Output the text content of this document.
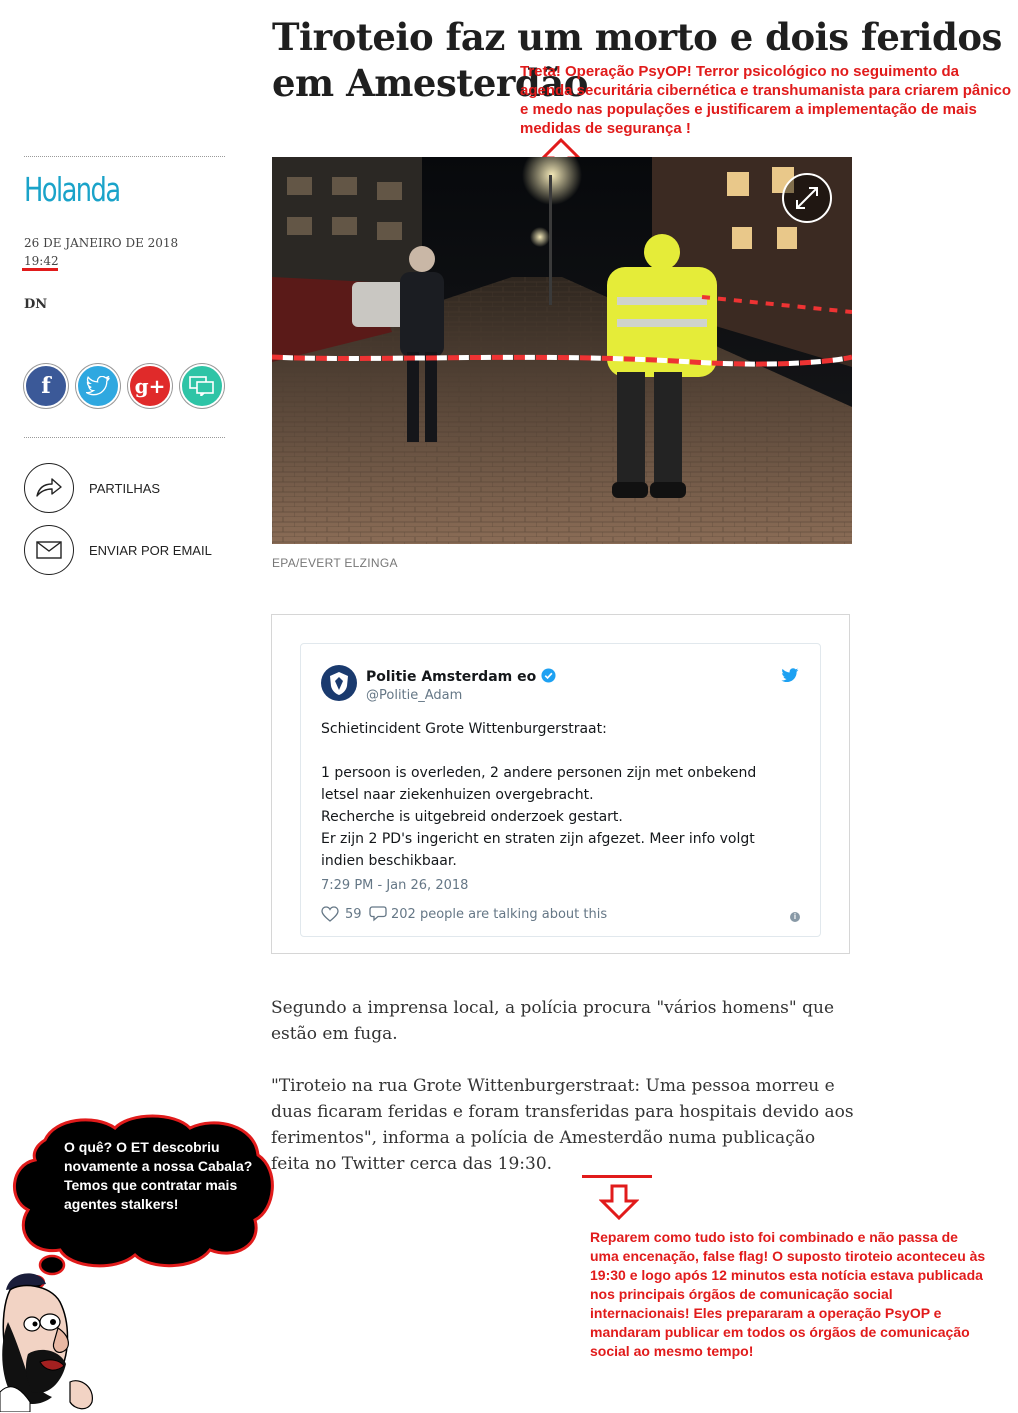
Tiroteio faz um morto e dois feridos em Amesterdão
Treta! Operação PsyOP! Terror psicológico no seguimento da agenda securitária cibernética e transhumanista para criarem pânico e medo nas populações e justificarem a implementação de mais medidas de segurança !
Holanda
26 DE JANEIRO DE 2018
19:42
DN
f	g+
PARTILHAS
ENVIAR POR EMAIL
EPA/EVERT ELZINGA
Politie Amsterdam eo
@Politie_Adam
Schietincident Grote Wittenburgerstraat:
1 persoon is overleden, 2 andere personen zijn met onbekend letsel naar ziekenhuizen overgebracht.
Recherche is uitgebreid onderzoek gestart.
Er zijn 2 PD's ingericht en straten zijn afgezet. Meer info volgt indien beschikbaar.
7:29 PM - Jan 26, 2018
59 202 people are talking about this	i
Segundo a imprensa local, a polícia procura "vários homens" que estão em fuga.
"Tiroteio na rua Grote Wittenburgerstraat: Uma pessoa morreu e duas ficaram feridas e foram transferidas para hospitais devido aos ferimentos", informa a polícia de Amesterdão numa publicação feita no Twitter cerca das 19:30.
Reparem como tudo isto foi combinado e não passa de uma encenação, false flag! O suposto tiroteio aconteceu às 19:30 e logo após 12 minutos esta notícia estava publicada nos principais órgãos de comunicação social internacionais! Eles prepararam a operação PsyOP e mandaram publicar em todos os órgãos de comunicação social ao mesmo tempo!
O quê? O ET descobriu novamente a nossa Cabala? Temos que contratar mais agentes stalkers!
